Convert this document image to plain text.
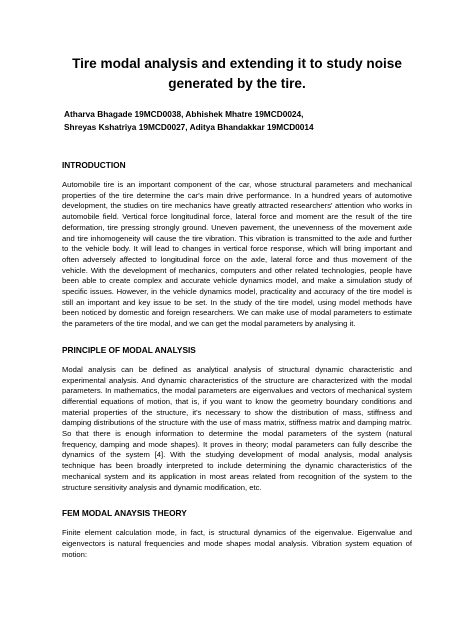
Tire modal analysis and extending it to study noise generated by the tire.
Atharva Bhagade 19MCD0038, Abhishek Mhatre 19MCD0024,
Shreyas Kshatriya 19MCD0027, Aditya Bhandakkar 19MCD0014
INTRODUCTION
Automobile tire is an important component of the car, whose structural parameters and mechanical properties of the tire determine the car's main drive performance. In a hundred years of automotive development, the studies on tire mechanics have greatly attracted researchers' attention who works in automobile field. Vertical force longitudinal force, lateral force and moment are the result of the tire deformation, tire pressing strongly ground. Uneven pavement, the unevenness of the movement axle and tire inhomogeneity will cause the tire vibration. This vibration is transmitted to the axle and further to the vehicle body. It will lead to changes in vertical force response, which will bring important and often adversely affected to longitudinal force on the axle, lateral force and thus movement of the vehicle. With the development of mechanics, computers and other related technologies, people have been able to create complex and accurate vehicle dynamics model, and make a simulation study of specific issues. However, in the vehicle dynamics model, practicality and accuracy of the tire model is still an important and key issue to be set. In the study of the tire model, using model methods have been noticed by domestic and foreign researchers. We can make use of modal parameters to estimate the parameters of the tire modal, and we can get the modal parameters by analysing it.
PRINCIPLE OF MODAL ANALYSIS
Modal analysis can be defined as analytical analysis of structural dynamic characteristic and experimental analysis. And dynamic characteristics of the structure are characterized with the modal parameters. In mathematics, the modal parameters are eigenvalues and vectors of mechanical system differential equations of motion, that is, if you want to know the geometry boundary conditions and material properties of the structure, it's necessary to show the distribution of mass, stiffness and damping distributions of the structure with the use of mass matrix, stiffness matrix and damping matrix. So that there is enough information to determine the modal parameters of the system (natural frequency, damping and mode shapes). It proves in theory; modal parameters can fully describe the dynamics of the system [4]. With the studying development of modal analysis, modal analysis technique has been broadly interpreted to include determining the dynamic characteristics of the mechanical system and its application in most areas related from recognition of the system to the structure sensitivity analysis and dynamic modification, etc.
FEM MODAL ANAYSIS THEORY
Finite element calculation mode, in fact, is structural dynamics of the eigenvalue. Eigenvalue and eigenvectors is natural frequencies and mode shapes modal analysis. Vibration system equation of motion:
